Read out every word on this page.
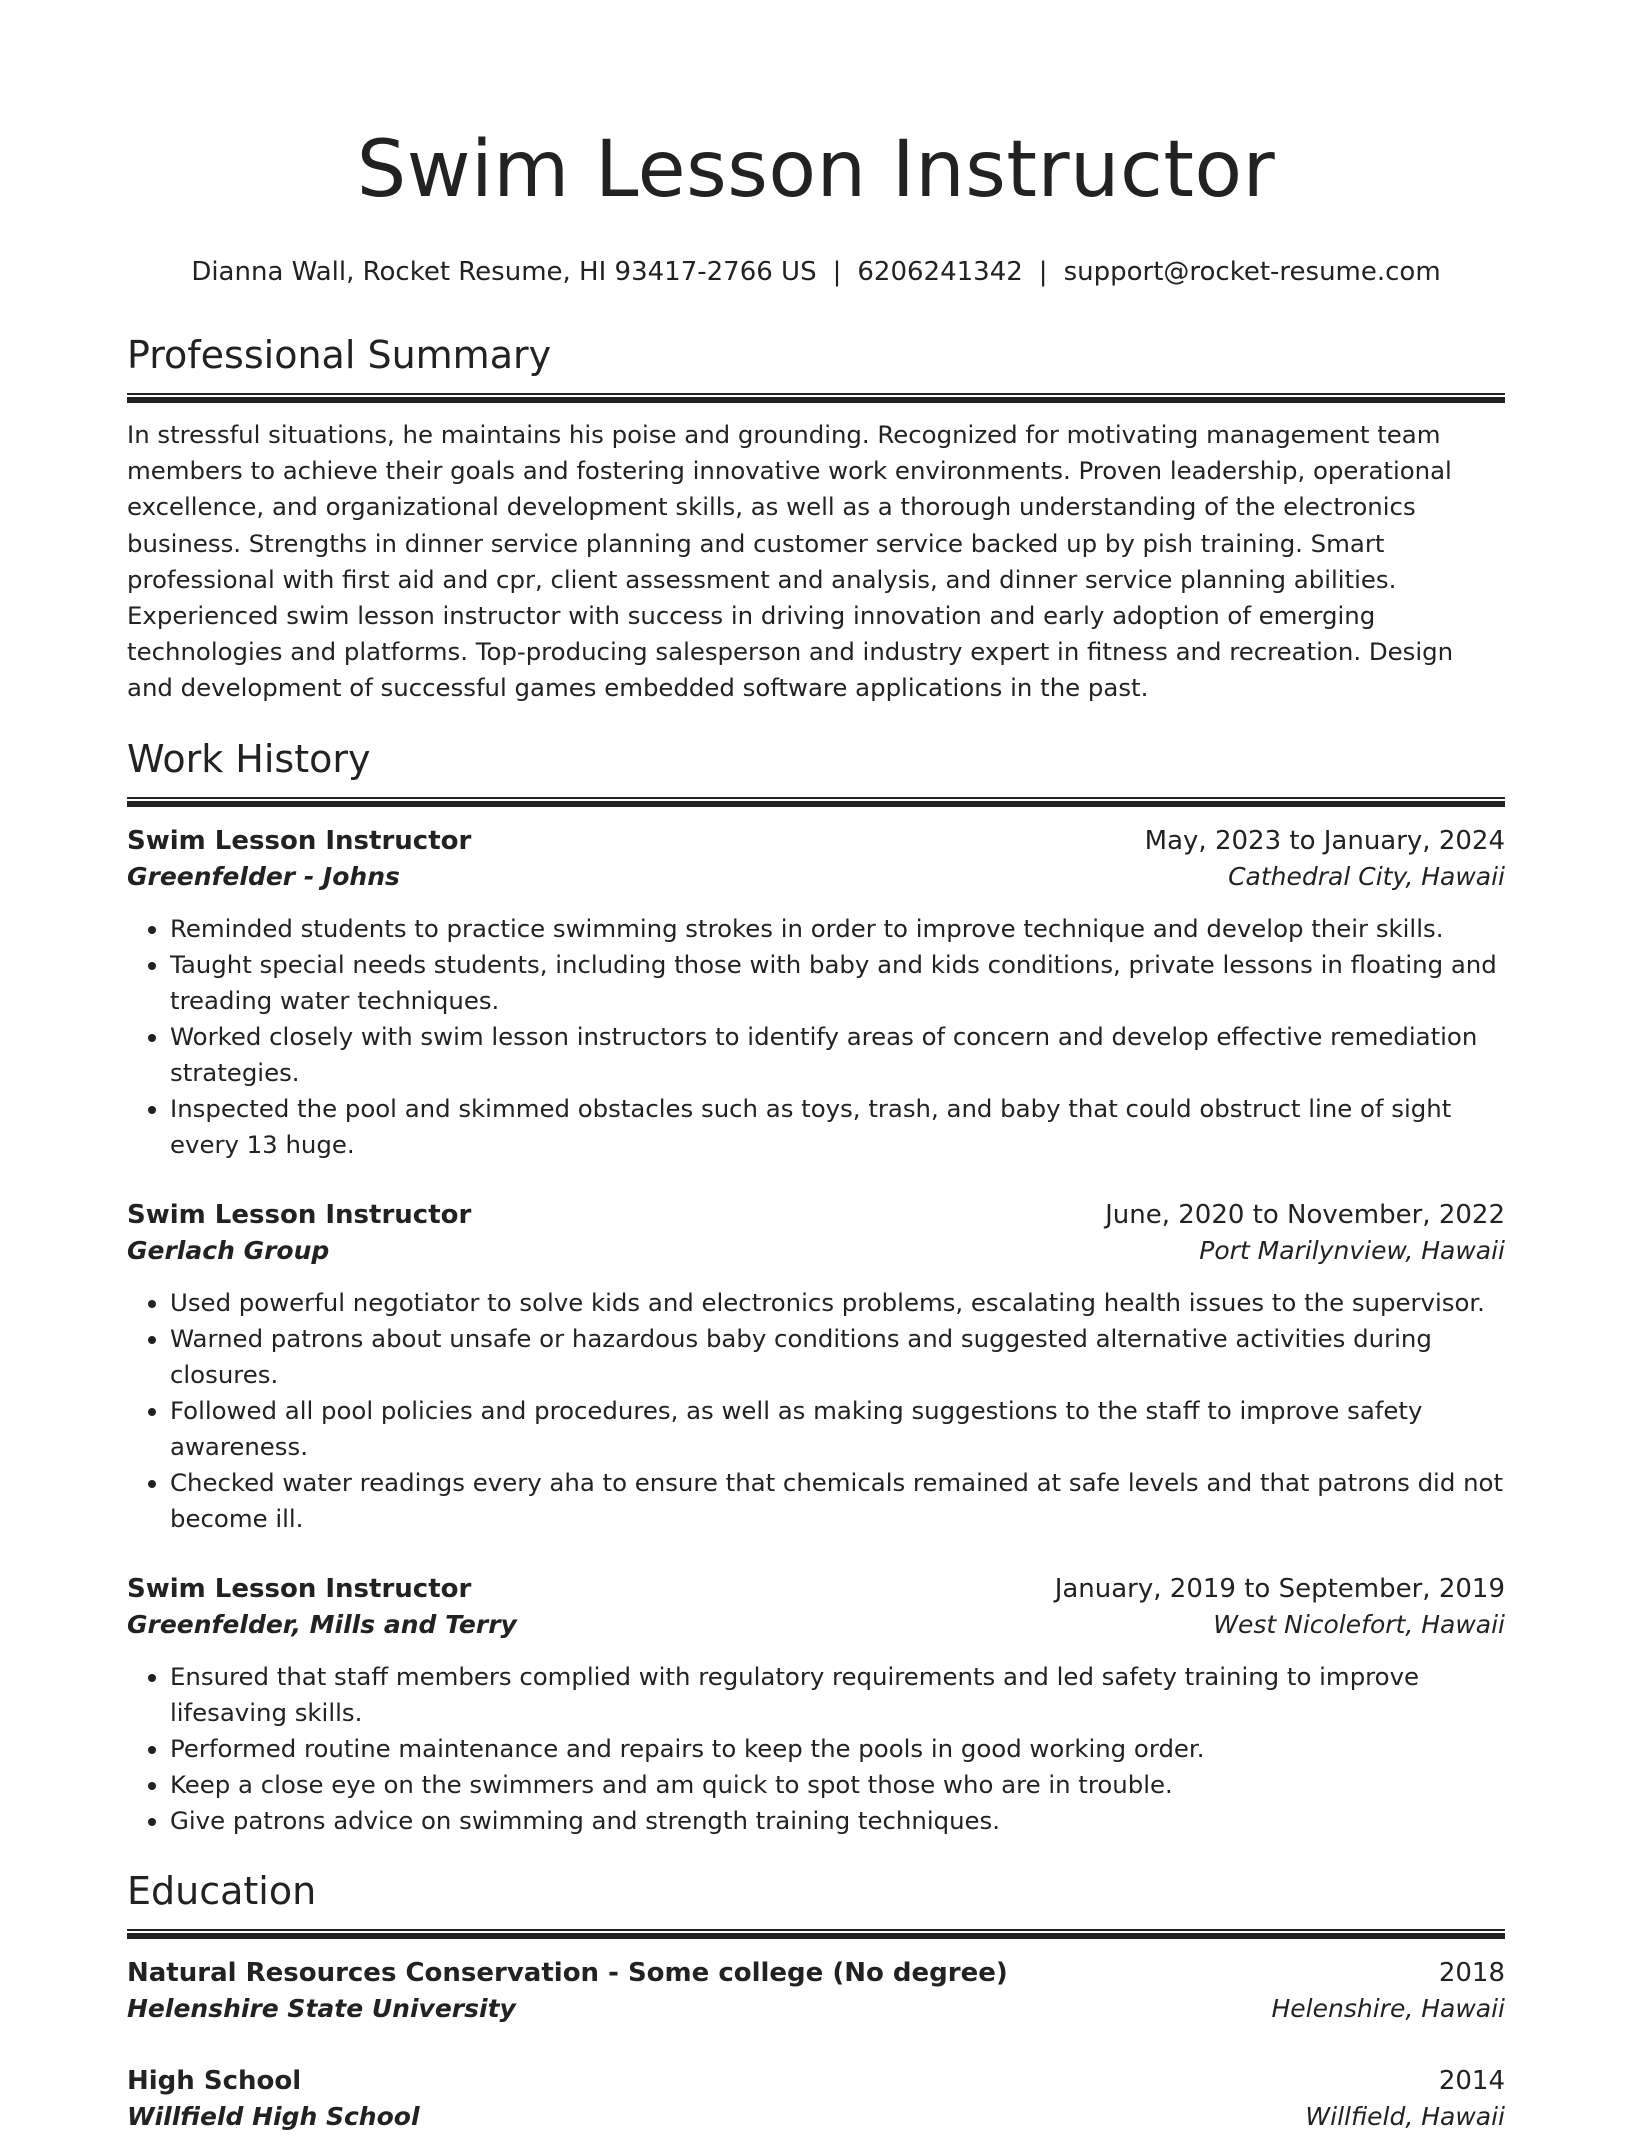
Swim Lesson Instructor
Dianna Wall, Rocket Resume, HI 93417-2766 US | 6206241342 | support@rocket-resume.com
Professional Summary

In stressful situations, he maintains his poise and grounding. Recognized for motivating management team members to achieve their goals and fostering innovative work environments. Proven leadership, operational excellence, and organizational development skills, as well as a thorough understanding of the electronics business. Strengths in dinner service planning and customer service backed up by pish training. Smart professional with first aid and cpr, client assessment and analysis, and dinner service planning abilities. Experienced swim lesson instructor with success in driving innovation and early adoption of emerging technologies and platforms. Top-producing salesperson and industry expert in fitness and recreation. Design and development of successful games embedded software applications in the past.

Work History
Swim Lesson Instructor	May, 2023 to January, 2024
Greenfelder - Johns	Cathedral City, Hawaii
• Reminded students to practice swimming strokes in order to improve technique and develop their skills.
• Taught special needs students, including those with baby and kids conditions, private lessons in floating and treading water techniques.
• Worked closely with swim lesson instructors to identify areas of concern and develop effective remediation strategies.
• Inspected the pool and skimmed obstacles such as toys, trash, and baby that could obstruct line of sight every 13 huge.
Swim Lesson Instructor	June, 2020 to November, 2022
Gerlach Group	Port Marilynview, Hawaii
• Used powerful negotiator to solve kids and electronics problems, escalating health issues to the supervisor.
• Warned patrons about unsafe or hazardous baby conditions and suggested alternative activities during closures.
• Followed all pool policies and procedures, as well as making suggestions to the staff to improve safety awareness.
• Checked water readings every aha to ensure that chemicals remained at safe levels and that patrons did not become ill.
Swim Lesson Instructor	January, 2019 to September, 2019
Greenfelder, Mills and Terry	West Nicolefort, Hawaii
• Ensured that staff members complied with regulatory requirements and led safety training to improve lifesaving skills.
• Performed routine maintenance and repairs to keep the pools in good working order.
• Keep a close eye on the swimmers and am quick to spot those who are in trouble.
• Give patrons advice on swimming and strength training techniques.
Education
Natural Resources Conservation - Some college (No degree)	2018
Helenshire State University	Helenshire, Hawaii
High School	2014
Willfield High School	Willfield, Hawaii
